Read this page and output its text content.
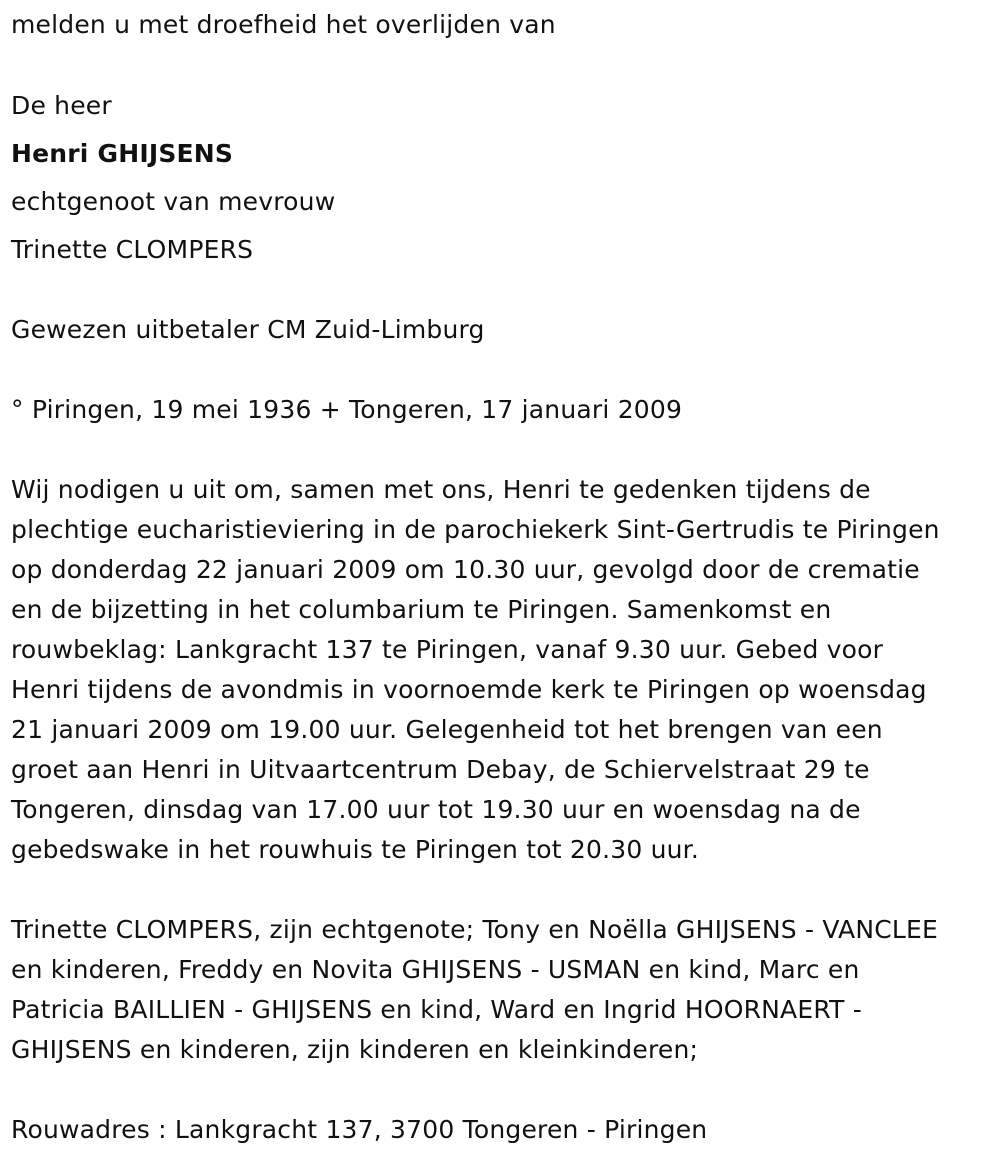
melden u met droefheid het overlijden van
De heer
Henri GHIJSENS
echtgenoot van mevrouw
Trinette CLOMPERS
Gewezen uitbetaler CM Zuid-Limburg
° Piringen, 19 mei 1936 + Tongeren, 17 januari 2009
Wij nodigen u uit om, samen met ons, Henri te gedenken tijdens de
plechtige eucharistieviering in de parochiekerk Sint-Gertrudis te Piringen
op donderdag 22 januari 2009 om 10.30 uur, gevolgd door de crematie
en de bijzetting in het columbarium te Piringen. Samenkomst en
rouwbeklag: Lankgracht 137 te Piringen, vanaf 9.30 uur. Gebed voor
Henri tijdens de avondmis in voornoemde kerk te Piringen op woensdag
21 januari 2009 om 19.00 uur. Gelegenheid tot het brengen van een
groet aan Henri in Uitvaartcentrum Debay, de Schiervelstraat 29 te
Tongeren, dinsdag van 17.00 uur tot 19.30 uur en woensdag na de
gebedswake in het rouwhuis te Piringen tot 20.30 uur.
Trinette CLOMPERS, zijn echtgenote; Tony en Noëlla GHIJSENS - VANCLEE
en kinderen, Freddy en Novita GHIJSENS - USMAN en kind, Marc en
Patricia BAILLIEN - GHIJSENS en kind, Ward en Ingrid HOORNAERT -
GHIJSENS en kinderen, zijn kinderen en kleinkinderen;
Rouwadres : Lankgracht 137, 3700 Tongeren - Piringen
